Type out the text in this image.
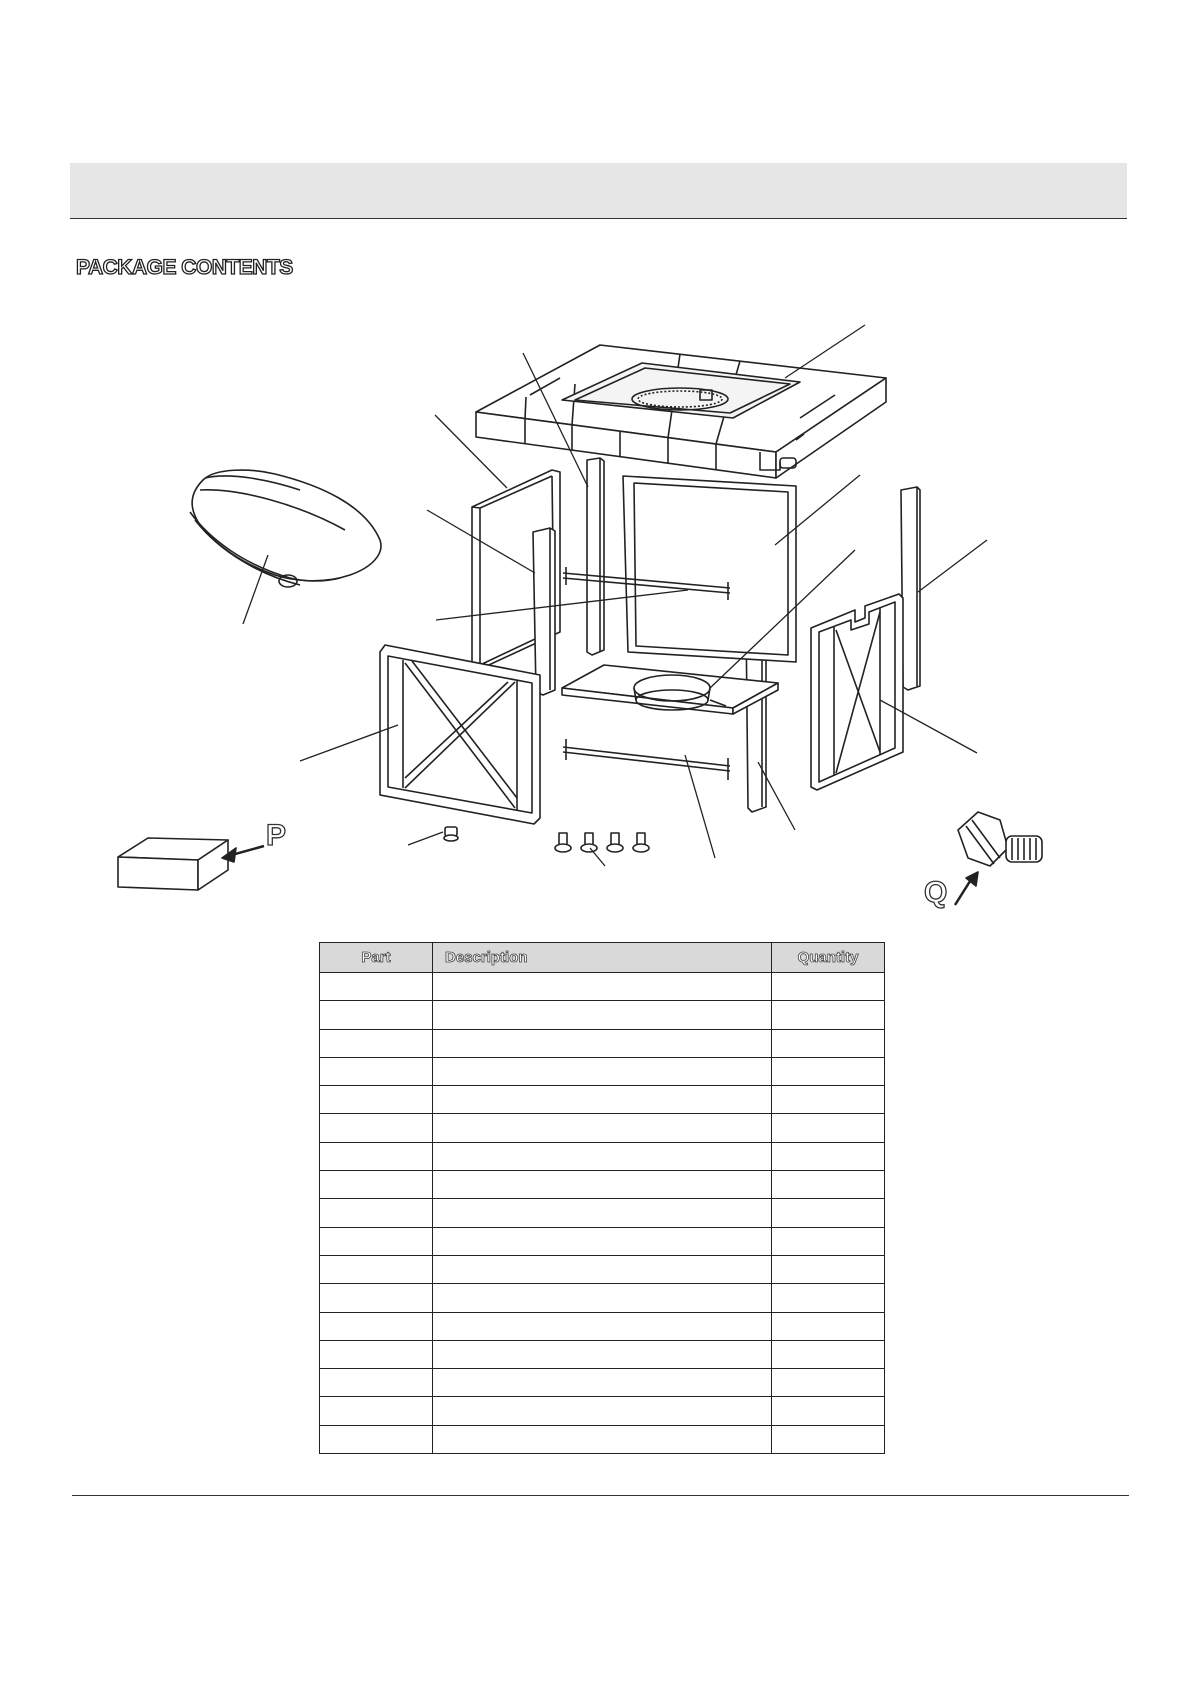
PACKAGE CONTENTS
P
Q
Part	Description	Quantity
